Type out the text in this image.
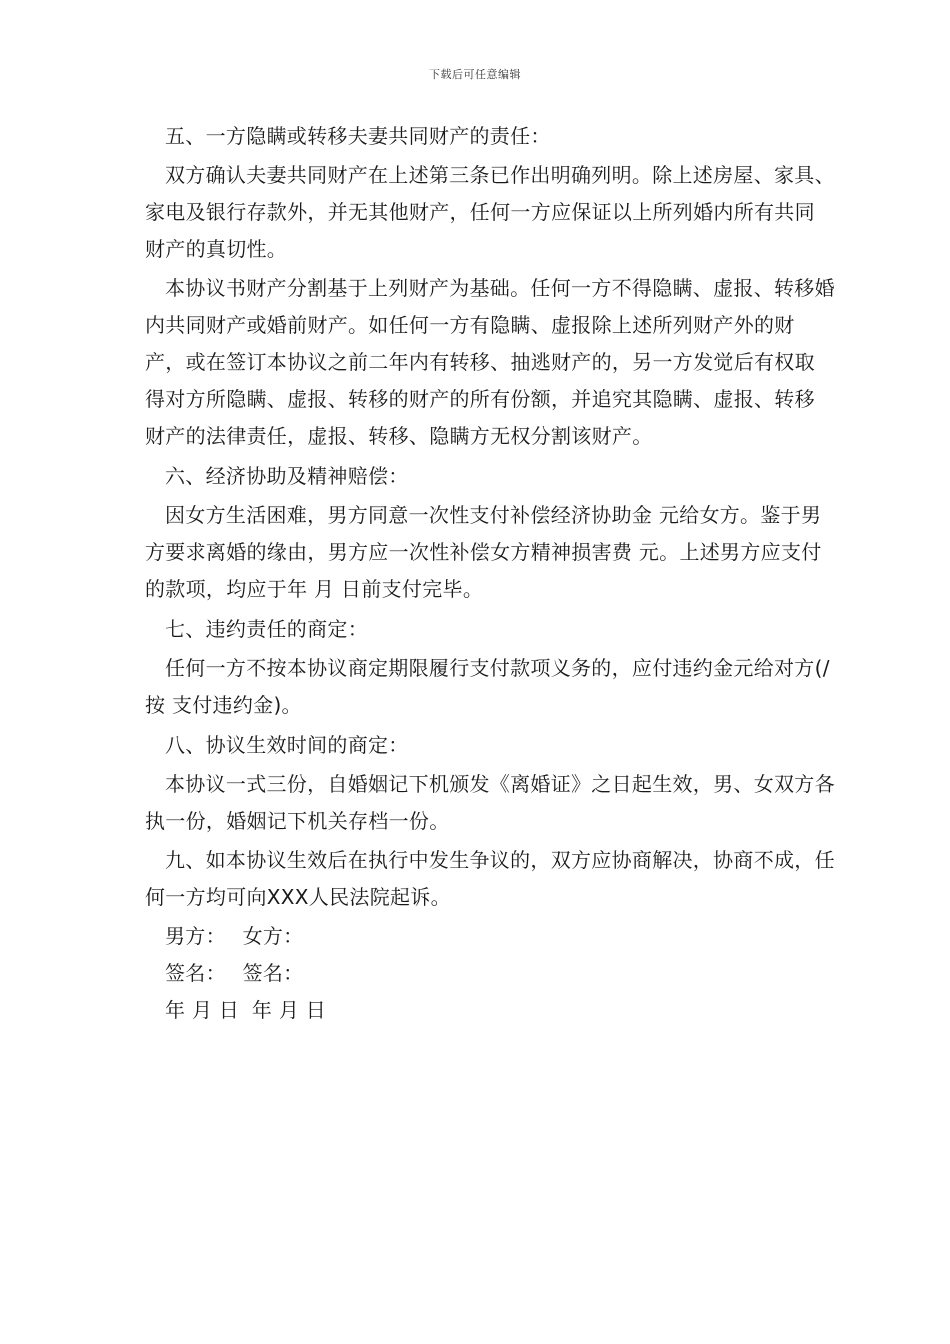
下载后可任意编辑

五、一方隐瞒或转移夫妻共同财产的责任：

双方确认夫妻共同财产在上述第三条已作出明确列明。除上述房屋、家具、家电及银行存款外，并无其他财产，任何一方应保证以上所列婚内所有共同财产的真切性。

本协议书财产分割基于上列财产为基础。任何一方不得隐瞒、虚报、转移婚内共同财产或婚前财产。如任何一方有隐瞒、虚报除上述所列财产外的财产，或在签订本协议之前二年内有转移、抽逃财产的，另一方发觉后有权取得对方所隐瞒、虚报、转移的财产的所有份额，并追究其隐瞒、虚报、转移财产的法律责任，虚报、转移、隐瞒方无权分割该财产。

六、经济协助及精神赔偿：

因女方生活困难，男方同意一次性支付补偿经济协助金 元给女方。鉴于男方要求离婚的缘由，男方应一次性补偿女方精神损害费 元。上述男方应支付的款项，均应于年 月 日前支付完毕。

七、违约责任的商定：

任何一方不按本协议商定期限履行支付款项义务的，应付违约金元给对方(/按 支付违约金)。

八、协议生效时间的商定：

本协议一式三份，自婚姻记下机颁发《离婚证》之日起生效，男、女双方各执一份，婚姻记下机关存档一份。

九、如本协议生效后在执行中发生争议的，双方应协商解决，协商不成，任何一方均可向XXX人民法院起诉。

男方： 女方：

签名： 签名：

年 月 日 年 月 日
